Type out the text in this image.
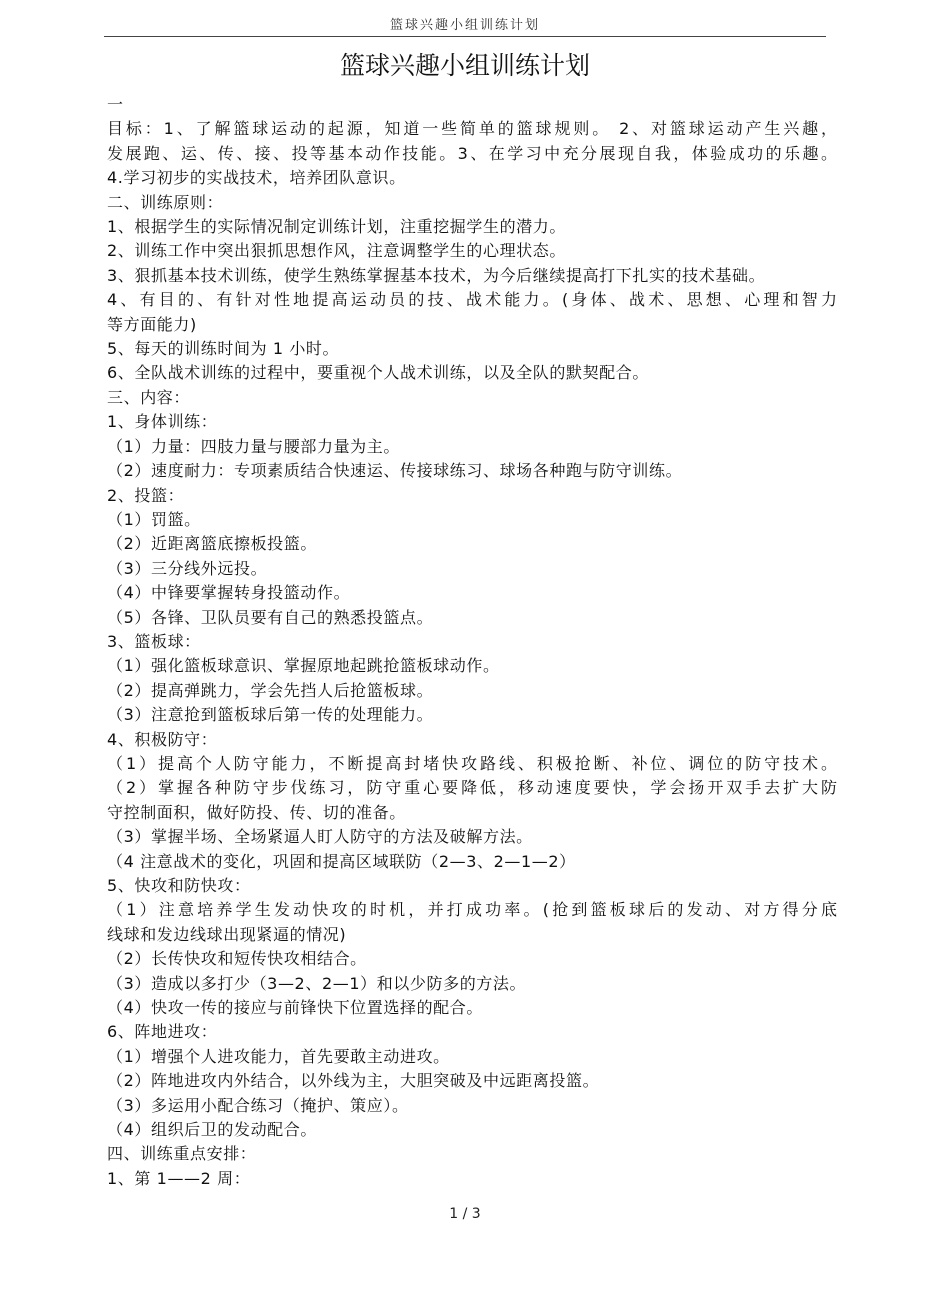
篮球兴趣小组训练计划
篮球兴趣小组训练计划
一
目标：1、了解篮球运动的起源，知道一些简单的篮球规则。 2、对篮球运动产生兴趣，
发展跑、运、传、接、投等基本动作技能。3、在学习中充分展现自我，体验成功的乐趣。
4.学习初步的实战技术，培养团队意识。
二、训练原则：
1、根据学生的实际情况制定训练计划，注重挖掘学生的潜力。
2、训练工作中突出狠抓思想作风，注意调整学生的心理状态。
3、狠抓基本技术训练，使学生熟练掌握基本技术，为今后继续提高打下扎实的技术基础。
4、有目的、有针对性地提高运动员的技、战术能力。(身体、战术、思想、心理和智力
等方面能力)
5、每天的训练时间为 1 小时。
6、全队战术训练的过程中，要重视个人战术训练，以及全队的默契配合。
三、内容：
1、身体训练：
（1）力量：四肢力量与腰部力量为主。
（2）速度耐力：专项素质结合快速运、传接球练习、球场各种跑与防守训练。
2、投篮：
（1）罚篮。
（2）近距离篮底擦板投篮。
（3）三分线外远投。
（4）中锋要掌握转身投篮动作。
（5）各锋、卫队员要有自己的熟悉投篮点。
3、篮板球：
（1）强化篮板球意识、掌握原地起跳抢篮板球动作。
（2）提高弹跳力，学会先挡人后抢篮板球。
（3）注意抢到篮板球后第一传的处理能力。
4、积极防守：
（1）提高个人防守能力，不断提高封堵快攻路线、积极抢断、补位、调位的防守技术。
（2）掌握各种防守步伐练习，防守重心要降低，移动速度要快，学会扬开双手去扩大防
守控制面积，做好防投、传、切的准备。
（3）掌握半场、全场紧逼人盯人防守的方法及破解方法。
（4 注意战术的变化，巩固和提高区域联防（2—3、2—1—2）
5、快攻和防快攻：
（1）注意培养学生发动快攻的时机，并打成功率。(抢到篮板球后的发动、对方得分底
线球和发边线球出现紧逼的情况)
（2）长传快攻和短传快攻相结合。
（3）造成以多打少（3—2、2—1）和以少防多的方法。
（4）快攻一传的接应与前锋快下位置选择的配合。
6、阵地进攻：
（1）增强个人进攻能力，首先要敢主动进攻。
（2）阵地进攻内外结合，以外线为主，大胆突破及中远距离投篮。
（3）多运用小配合练习（掩护、策应）。
（4）组织后卫的发动配合。
四、训练重点安排：
1、第 1——2 周：
1 / 3
